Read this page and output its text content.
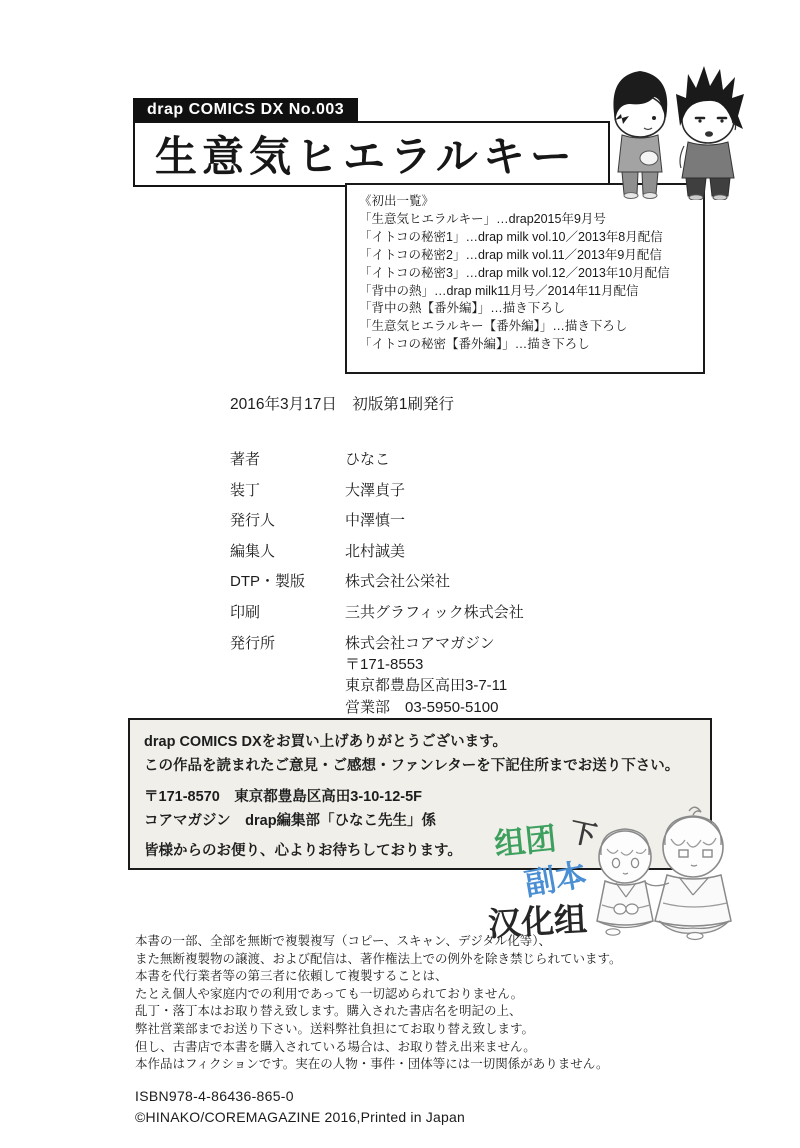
drap COMICS DX No.003
生意気ヒエラルキー
《初出一覧》
「生意気ヒエラルキー」…drap2015年9月号
「イトコの秘密1」…drap milk vol.10／2013年8月配信
「イトコの秘密2」…drap milk vol.11／2013年9月配信
「イトコの秘密3」…drap milk vol.12／2013年10月配信
「背中の熱」…drap milk11月号／2014年11月配信
「背中の熱【番外編】」…描き下ろし
「生意気ヒエラルキー【番外編】」…描き下ろし
「イトコの秘密【番外編】」…描き下ろし
2016年3月17日　初版第1刷発行
著者	ひなこ
装丁	大澤貞子
発行人	中澤慎一
編集人	北村誠美
DTP・製版	株式会社公栄社
印刷	三共グラフィック株式会社
発行所	株式会社コアマガジン
〒171-8553
東京都豊島区高田3-7-11
営業部　03-5950-5100
drap COMICS DXをお買い上げありがとうございます。
この作品を読まれたご意見・ご感想・ファンレターを下記住所までお送り下さい。
〒171-8570　東京都豊島区高田3-10-12-5F
コアマガジン　drap編集部「ひなこ先生」係
皆様からのお便り、心よりお待ちしております。 组团 下
副本
汉化组
本書の一部、全部を無断で複製複写（コピー、スキャン、デジタル化等）、
また無断複製物の譲渡、および配信は、著作権法上での例外を除き禁じられています。
本書を代行業者等の第三者に依頼して複製することは、
たとえ個人や家庭内での利用であっても一切認められておりません。
乱丁・落丁本はお取り替え致します。購入された書店名を明記の上、
弊社営業部までお送り下さい。送料弊社負担にてお取り替え致します。
但し、古書店で本書を購入されている場合は、お取り替え出来ません。
本作品はフィクションです。実在の人物・事件・団体等には一切関係がありません。
ISBN978-4-86436-865-0
©HINAKO/COREMAGAZINE 2016,Printed in Japan
